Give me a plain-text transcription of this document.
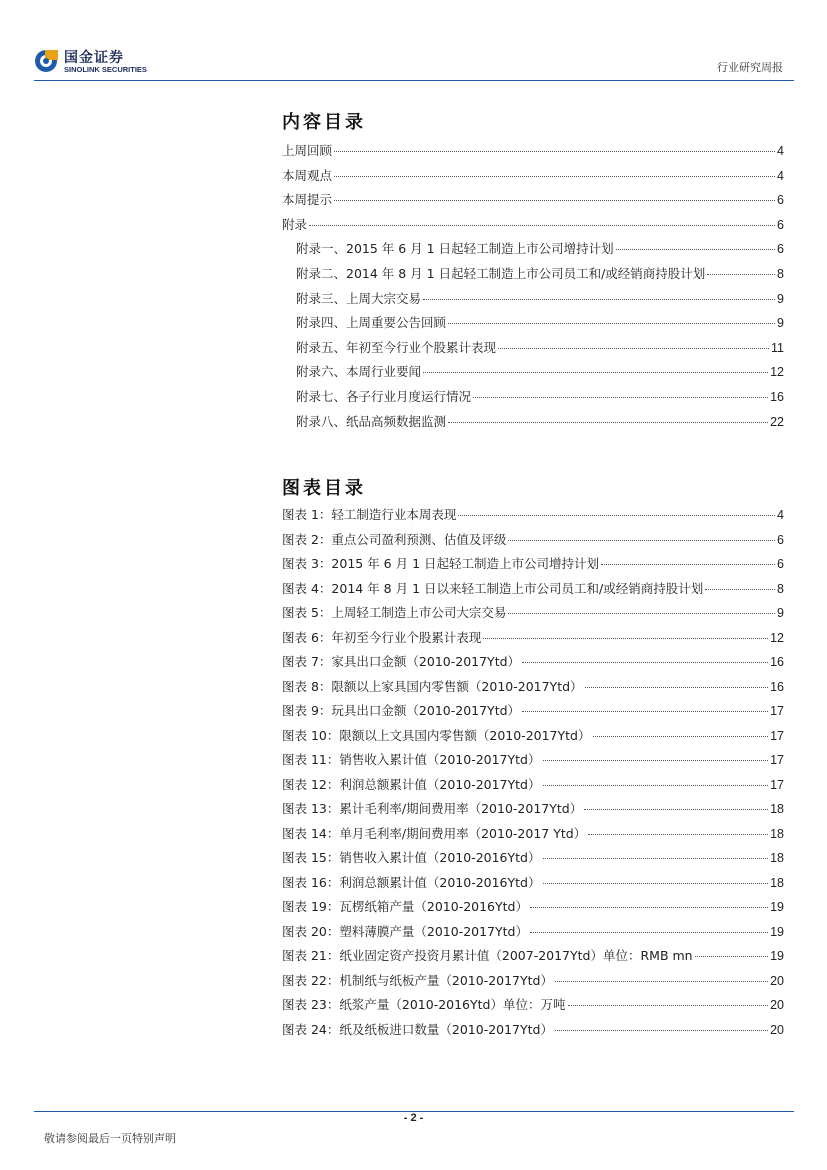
国金证券
SINOLINK SECURITIES	行业研究周报
内容目录
上周回顾	4
本周观点	4
本周提示	6
附录	6
附录一、2015 年 6 月 1 日起轻工制造上市公司增持计划	6
附录二、2014 年 8 月 1 日起轻工制造上市公司员工和/或经销商持股计划	8
附录三、上周大宗交易	9
附录四、上周重要公告回顾	9
附录五、年初至今行业个股累计表现	11
附录六、本周行业要闻	12
附录七、各子行业月度运行情况	16
附录八、纸品高频数据监测	22
图表目录
图表 1：轻工制造行业本周表现	4
图表 2：重点公司盈利预测、估值及评级	6
图表 3：2015 年 6 月 1 日起轻工制造上市公司增持计划	6
图表 4：2014 年 8 月 1 日以来轻工制造上市公司员工和/或经销商持股计划	8
图表 5：上周轻工制造上市公司大宗交易	9
图表 6：年初至今行业个股累计表现	12
图表 7：家具出口金额（2010-2017Ytd）	16
图表 8：限额以上家具国内零售额（2010-2017Ytd）	16
图表 9：玩具出口金额（2010-2017Ytd）	17
图表 10：限额以上文具国内零售额（2010-2017Ytd）	17
图表 11：销售收入累计值（2010-2017Ytd）	17
图表 12：利润总额累计值（2010-2017Ytd）	17
图表 13：累计毛利率/期间费用率（2010-2017Ytd）	18
图表 14：单月毛利率/期间费用率（2010-2017 Ytd）	18
图表 15：销售收入累计值（2010-2016Ytd）	18
图表 16：利润总额累计值（2010-2016Ytd）	18
图表 19：瓦楞纸箱产量（2010-2016Ytd）	19
图表 20：塑料薄膜产量（2010-2017Ytd）	19
图表 21：纸业固定资产投资月累计值（2007-2017Ytd）单位：RMB mn	19
图表 22：机制纸与纸板产量（2010-2017Ytd）	20
图表 23：纸浆产量（2010-2016Ytd）单位：万吨	20
图表 24：纸及纸板进口数量（2010-2017Ytd）	20
- 2 -
敬请参阅最后一页特别声明
